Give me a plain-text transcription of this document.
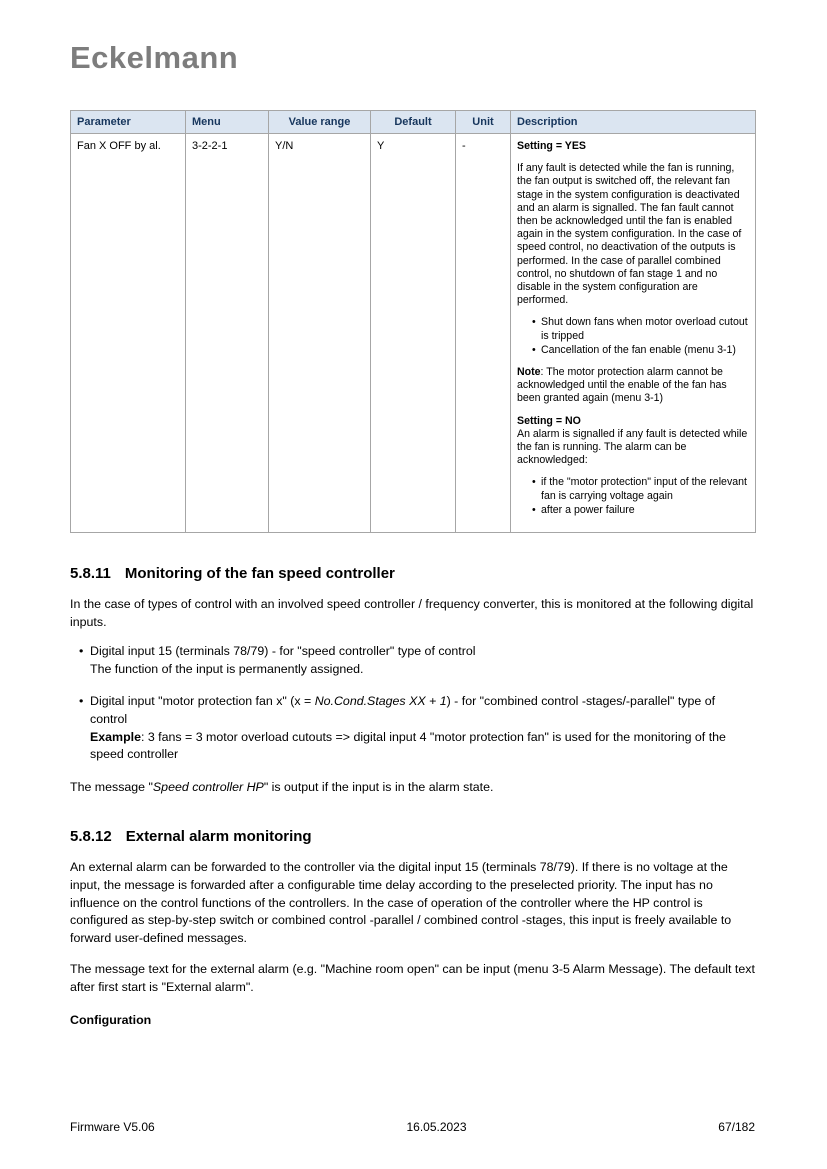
Eckelmann
Parameter	Menu	Value range	Default	Unit	Description
Fan X OFF by al.	3-2-2-1	Y/N	Y	-	Setting = YES
If any fault is detected while the fan is running, the fan output is switched off, the relevant fan stage in the system configuration is deactivated and an alarm is signalled. The fan fault cannot then be acknowledged until the fan is enabled again in the system configuration. In the case of speed control, no deactivation of the outputs is performed. In the case of parallel combined control, no shutdown of fan stage 1 and no disable in the system configuration are performed.
• Shut down fans when motor overload cutout is tripped
• Cancellation of the fan enable (menu 3-1)
Note: The motor protection alarm cannot be acknowledged until the enable of the fan has been granted again (menu 3-1)
Setting = NO
An alarm is signalled if any fault is detected while the fan is running. The alarm can be acknowledged:
• if the "motor protection" input of the relevant fan is carrying voltage again
• after a power failure
5.8.11 Monitoring of the fan speed controller
In the case of types of control with an involved speed controller / frequency converter, this is monitored at the following digital inputs.
• Digital input 15 (terminals 78/79) - for "speed controller" type of control
The function of the input is permanently assigned.
• Digital input "motor protection fan x" (x = No.Cond.Stages XX + 1) - for "combined control -stages/-parallel" type of control
Example: 3 fans = 3 motor overload cutouts => digital input 4 "motor protection fan" is used for the monitoring of the speed controller
The message "Speed controller HP" is output if the input is in the alarm state.
5.8.12 External alarm monitoring
An external alarm can be forwarded to the controller via the digital input 15 (terminals 78/79). If there is no voltage at the input, the message is forwarded after a configurable time delay according to the preselected priority. The input has no influence on the control functions of the controllers. In the case of operation of the controller where the HP control is configured as step-by-step switch or combined control -parallel / combined control -stages, this input is freely available to forward user-defined messages.
The message text for the external alarm (e.g. "Machine room open" can be input (menu 3-5 Alarm Message). The default text after first start is "External alarm".
Configuration
Firmware V5.06	16.05.2023	67/182
